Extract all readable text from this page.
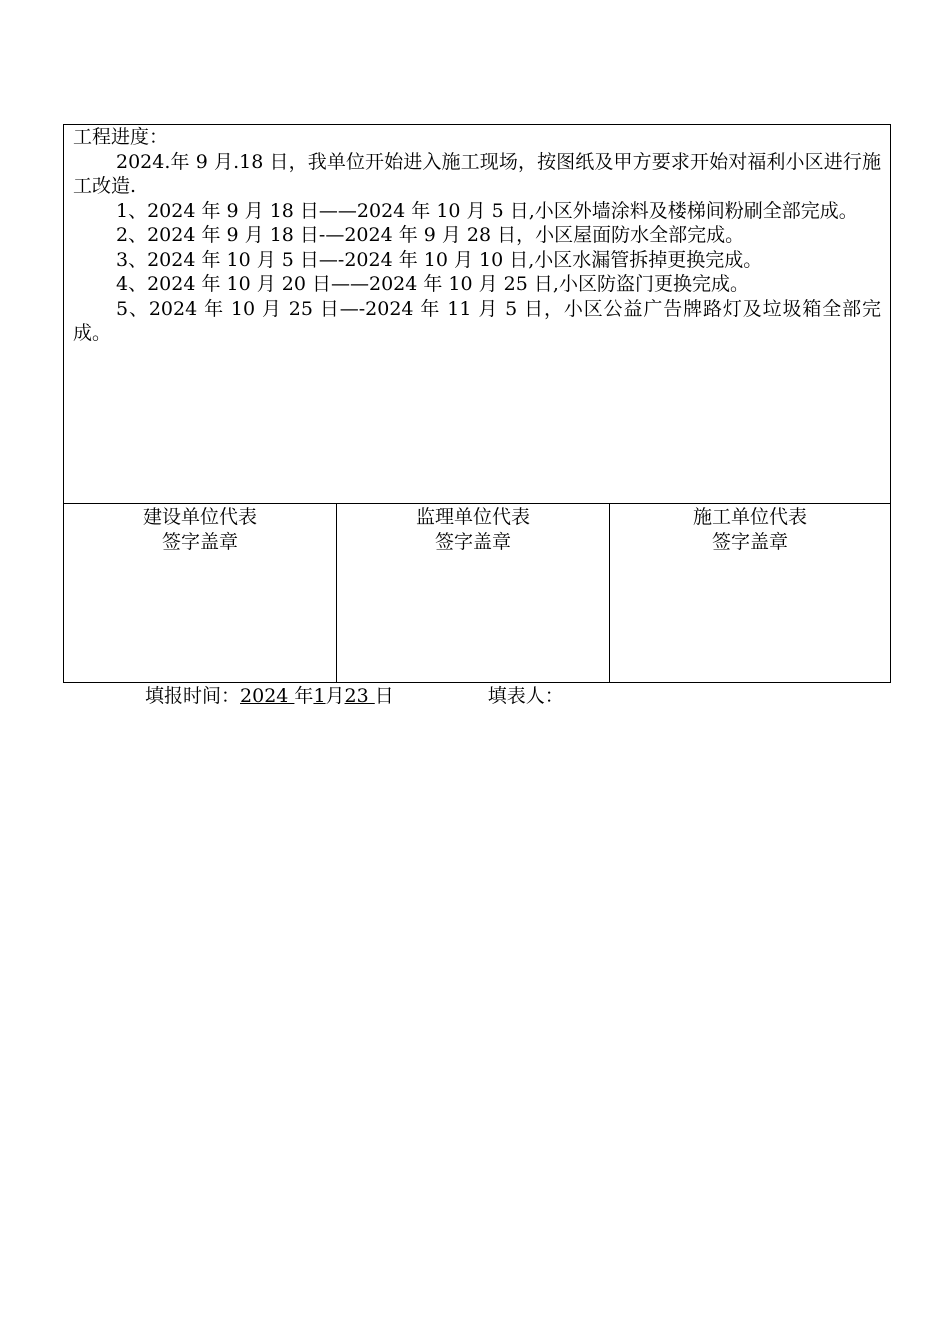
工程进度：

2024.年 9 月.18 日，我单位开始进入施工现场，按图纸及甲方要求开始对福利小区进行施工改造.

1、2024 年 9 月 18 日——2024 年 10 月 5 日,小区外墙涂料及楼梯间粉刷全部完成。

2、2024 年 9 月 18 日-—2024 年 9 月 28 日，小区屋面防水全部完成。

3、2024 年 10 月 5 日—-2024 年 10 月 10 日,小区水漏管拆掉更换完成。

4、2024 年 10 月 20 日——2024 年 10 月 25 日,小区防盗门更换完成。

5、2024 年 10 月 25 日—-2024 年 11 月 5 日，小区公益广告牌路灯及垃圾箱全部完成。

建设单位代表
签字盖章
监理单位代表
签字盖章
施工单位代表
签字盖章
填报时间：2024 年1月23 日	填表人：
